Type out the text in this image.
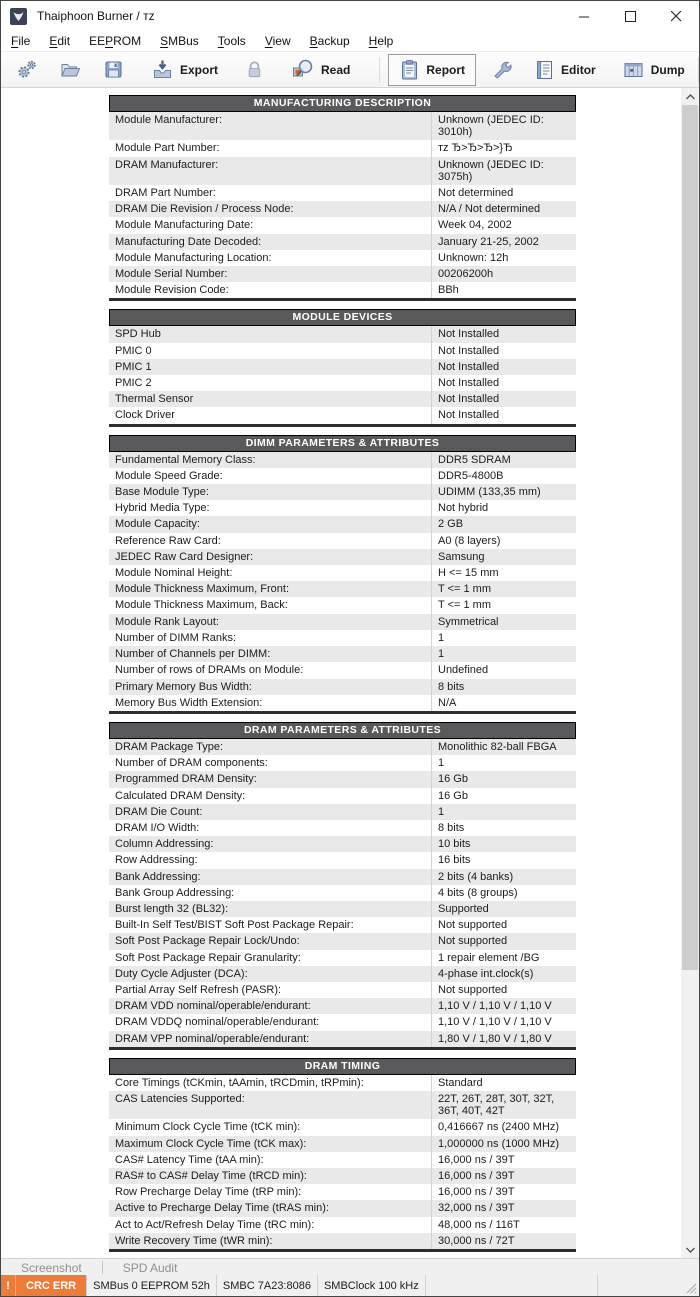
Thaiphoon Burner / тz
File Edit EEPROM SMBus Tools View Backup Help
Export	Read	Report	Editor	Dump
MANUFACTURING DESCRIPTION
Module Manufacturer:	Unknown (JEDEC ID: 3010h)
Module Part Number:	тz Ђ>Ђ>Ђ>}Ђ
DRAM Manufacturer:	Unknown (JEDEC ID: 3075h)
DRAM Part Number:	Not determined
DRAM Die Revision / Process Node:	N/A / Not determined
Module Manufacturing Date:	Week 04, 2002
Manufacturing Date Decoded:	January 21-25, 2002
Module Manufacturing Location:	Unknown: 12h
Module Serial Number:	00206200h
Module Revision Code:	BBh
MODULE DEVICES
SPD Hub	Not Installed
PMIC 0	Not Installed
PMIC 1	Not Installed
PMIC 2	Not Installed
Thermal Sensor	Not Installed
Clock Driver	Not Installed
DIMM PARAMETERS & ATTRIBUTES
Fundamental Memory Class:	DDR5 SDRAM
Module Speed Grade:	DDR5-4800B
Base Module Type:	UDIMM (133,35 mm)
Hybrid Media Type:	Not hybrid
Module Capacity:	2 GB
Reference Raw Card:	A0 (8 layers)
JEDEC Raw Card Designer:	Samsung
Module Nominal Height:	H <= 15 mm
Module Thickness Maximum, Front:	T <= 1 mm
Module Thickness Maximum, Back:	T <= 1 mm
Module Rank Layout:	Symmetrical
Number of DIMM Ranks:	1
Number of Channels per DIMM:	1
Number of rows of DRAMs on Module:	Undefined
Primary Memory Bus Width:	8 bits
Memory Bus Width Extension:	N/A
DRAM PARAMETERS & ATTRIBUTES
DRAM Package Type:	Monolithic 82-ball FBGA
Number of DRAM components:	1
Programmed DRAM Density:	16 Gb
Calculated DRAM Density:	16 Gb
DRAM Die Count:	1
DRAM I/O Width:	8 bits
Column Addressing:	10 bits
Row Addressing:	16 bits
Bank Addressing:	2 bits (4 banks)
Bank Group Addressing:	4 bits (8 groups)
Burst length 32 (BL32):	Supported
Built-In Self Test/BIST Soft Post Package Repair:	Not supported
Soft Post Package Repair Lock/Undo:	Not supported
Soft Post Package Repair Granularity:	1 repair element /BG
Duty Cycle Adjuster (DCA):	4-phase int.clock(s)
Partial Array Self Refresh (PASR):	Not supported
DRAM VDD nominal/operable/endurant:	1,10 V / 1,10 V / 1,10 V
DRAM VDDQ nominal/operable/endurant:	1,10 V / 1,10 V / 1,10 V
DRAM VPP nominal/operable/endurant:	1,80 V / 1,80 V / 1,80 V
DRAM TIMING
Core Timings (tCKmin, tAAmin, tRCDmin, tRPmin):	Standard
CAS Latencies Supported:	22T, 26T, 28T, 30T, 32T, 36T, 40T, 42T
Minimum Clock Cycle Time (tCK min):	0,416667 ns (2400 MHz)
Maximum Clock Cycle Time (tCK max):	1,000000 ns (1000 MHz)
CAS# Latency Time (tAA min):	16,000 ns / 39T
RAS# to CAS# Delay Time (tRCD min):	16,000 ns / 39T
Row Precharge Delay Time (tRP min):	16,000 ns / 39T
Active to Precharge Delay Time (tRAS min):	32,000 ns / 39T
Act to Act/Refresh Delay Time (tRC min):	48,000 ns / 116T
Write Recovery Time (tWR min):	30,000 ns / 72T
Screenshot	SPD Audit
!	CRC ERR	SMBus 0 EEPROM 52h	SMBC 7A23:8086	SMBClock 100 kHz
